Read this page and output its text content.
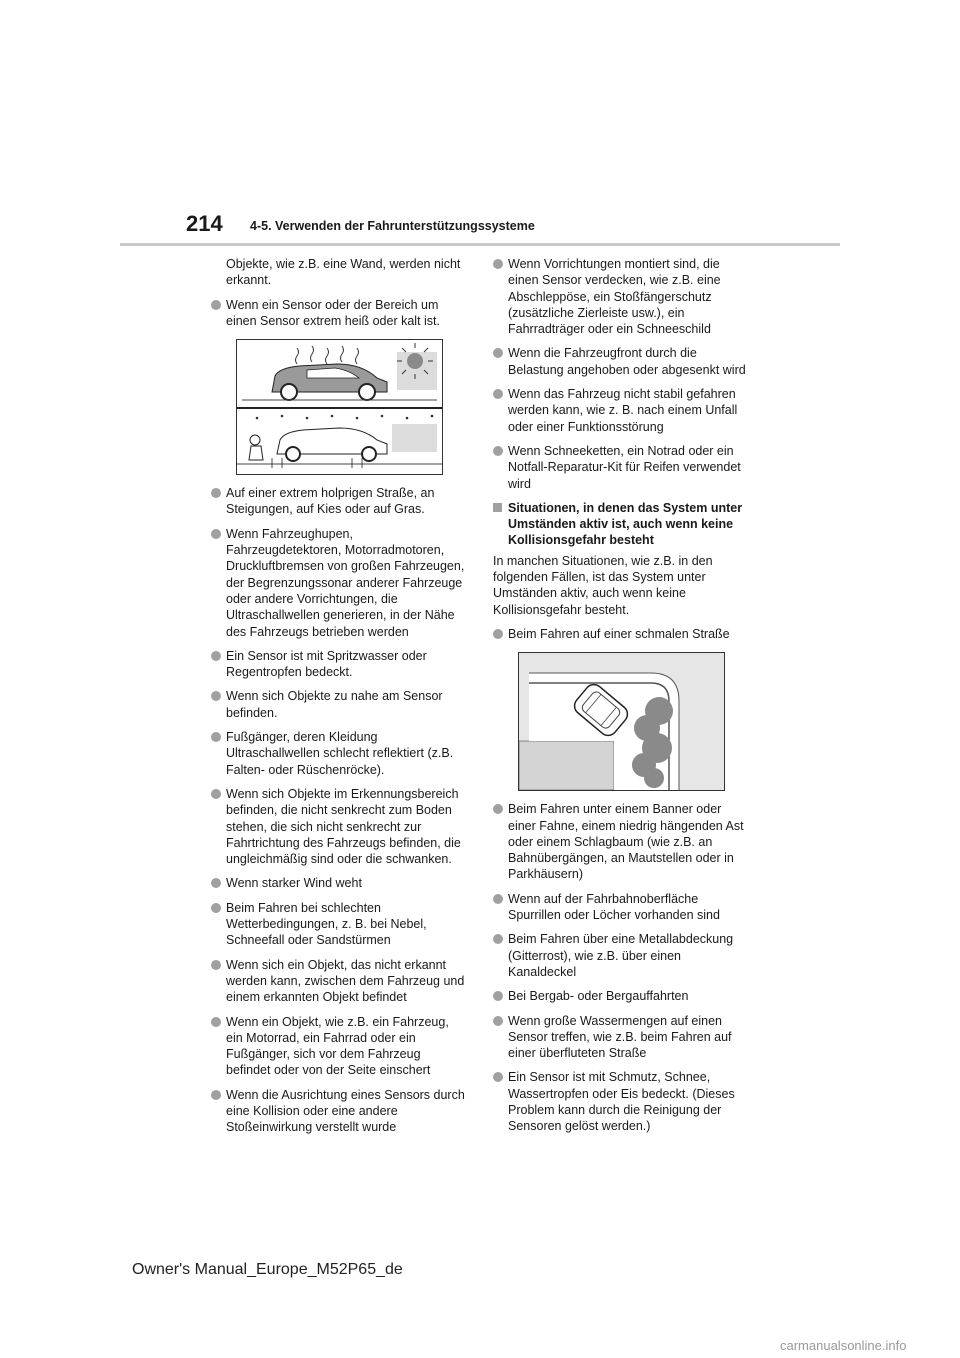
214 4-5. Verwenden der Fahrunterstützungssysteme
Objekte, wie z.B. eine Wand, werden nicht erkannt.
Wenn ein Sensor oder der Bereich um einen Sensor extrem heiß oder kalt ist.
Auf einer extrem holprigen Straße, an Steigungen, auf Kies oder auf Gras.
Wenn Fahrzeughupen, Fahrzeugdetektoren, Motorradmotoren, Druckluftbremsen von großen Fahrzeugen, der Begrenzungssonar anderer Fahrzeuge oder andere Vorrichtungen, die Ultraschallwellen generieren, in der Nähe des Fahrzeugs betrieben werden
Ein Sensor ist mit Spritzwasser oder Regentropfen bedeckt.
Wenn sich Objekte zu nahe am Sensor befinden.
Fußgänger, deren Kleidung Ultraschallwellen schlecht reflektiert (z.B. Falten- oder Rüschenröcke).
Wenn sich Objekte im Erkennungsbereich befinden, die nicht senkrecht zum Boden stehen, die sich nicht senkrecht zur Fahrtrichtung des Fahrzeugs befinden, die ungleichmäßig sind oder die schwanken.
Wenn starker Wind weht
Beim Fahren bei schlechten Wetterbedingungen, z. B. bei Nebel, Schneefall oder Sandstürmen
Wenn sich ein Objekt, das nicht erkannt werden kann, zwischen dem Fahrzeug und einem erkannten Objekt befindet
Wenn ein Objekt, wie z.B. ein Fahrzeug, ein Motorrad, ein Fahrrad oder ein Fußgänger, sich vor dem Fahrzeug befindet oder von der Seite einschert
Wenn die Ausrichtung eines Sensors durch eine Kollision oder eine andere Stoßeinwirkung verstellt wurde
Wenn Vorrichtungen montiert sind, die einen Sensor verdecken, wie z.B. eine Abschleppöse, ein Stoßfängerschutz (zusätzliche Zierleiste usw.), ein Fahrradträger oder ein Schneeschild
Wenn die Fahrzeugfront durch die Belastung angehoben oder abgesenkt wird
Wenn das Fahrzeug nicht stabil gefahren werden kann, wie z. B. nach einem Unfall oder einer Funktionsstörung
Wenn Schneeketten, ein Notrad oder ein Notfall-Reparatur-Kit für Reifen verwendet wird
Situationen, in denen das System unter Umständen aktiv ist, auch wenn keine Kollisionsgefahr besteht
In manchen Situationen, wie z.B. in den folgenden Fällen, ist das System unter Umständen aktiv, auch wenn keine Kollisionsgefahr besteht.
Beim Fahren auf einer schmalen Straße
Beim Fahren unter einem Banner oder einer Fahne, einem niedrig hängenden Ast oder einem Schlagbaum (wie z.B. an Bahnübergängen, an Mautstellen oder in Parkhäusern)
Wenn auf der Fahrbahnoberfläche Spurrillen oder Löcher vorhanden sind
Beim Fahren über eine Metallabdeckung (Gitterrost), wie z.B. über einen Kanaldeckel
Bei Bergab- oder Bergauffahrten
Wenn große Wassermengen auf einen Sensor treffen, wie z.B. beim Fahren auf einer überfluteten Straße
Ein Sensor ist mit Schmutz, Schnee, Wassertropfen oder Eis bedeckt. (Dieses Problem kann durch die Reinigung der Sensoren gelöst werden.)
Owner's Manual_Europe_M52P65_de
carmanualsonline.info
